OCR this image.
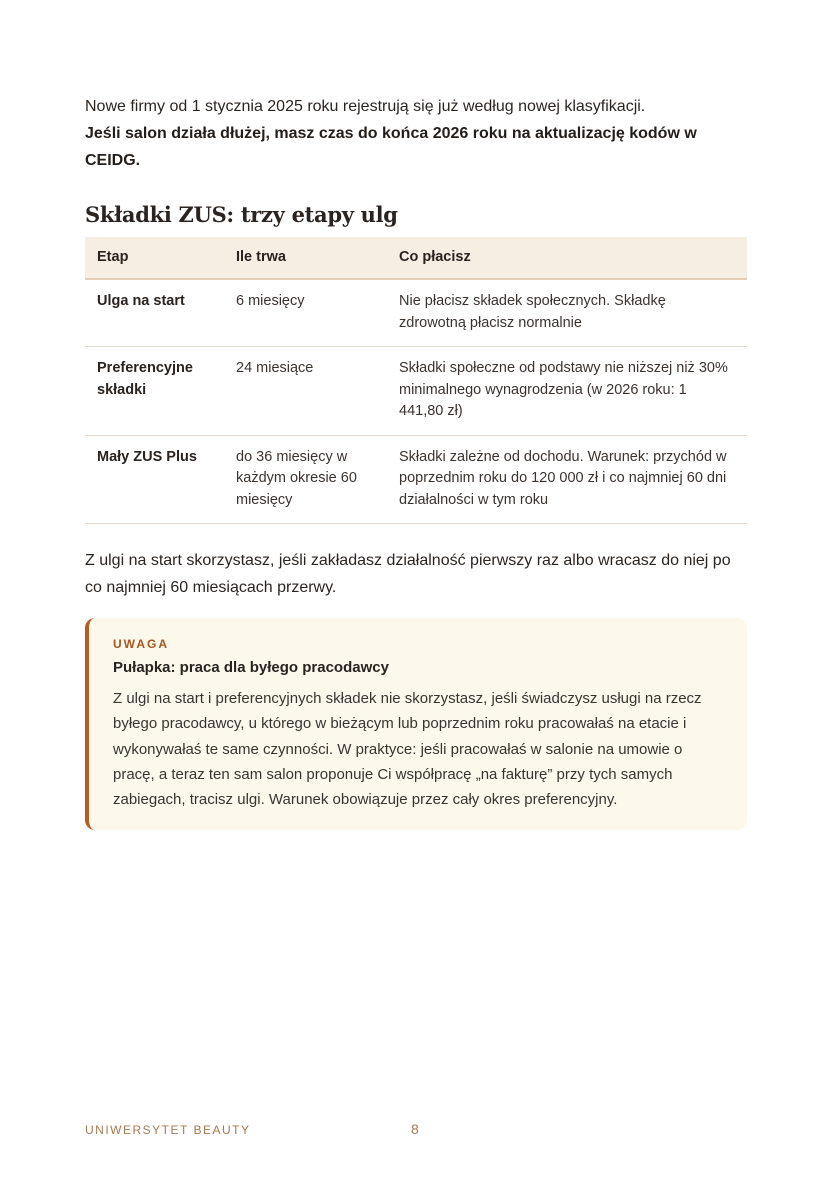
Nowe firmy od 1 stycznia 2025 roku rejestrują się już według nowej klasyfikacji.
Jeśli salon działa dłużej, masz czas do końca 2026 roku na aktualizację kodów w CEIDG.

Składki ZUS: trzy etapy ulg
Etap	Ile trwa	Co płacisz
Ulga na start	6 miesięcy	Nie płacisz składek społecznych. Składkę zdrowotną płacisz normalnie
Preferencyjne składki	24 miesiące	Składki społeczne od podstawy nie niższej niż 30% minimalnego wynagrodzenia (w 2026 roku: 1 441,80 zł)
Mały ZUS Plus	do 36 miesięcy w każdym okresie 60 miesięcy	Składki zależne od dochodu. Warunek: przychód w poprzednim roku do 120 000 zł i co najmniej 60 dni działalności w tym roku

Z ulgi na start skorzystasz, jeśli zakładasz działalność pierwszy raz albo wracasz do niej po co najmniej 60 miesiącach przerwy.

UWAGA
Pułapka: praca dla byłego pracodawcy
Z ulgi na start i preferencyjnych składek nie skorzystasz, jeśli świadczysz usługi na rzecz byłego pracodawcy, u którego w bieżącym lub poprzednim roku pracowałaś na etacie i wykonywałaś te same czynności. W praktyce: jeśli pracowałaś w salonie na umowie o pracę, a teraz ten sam salon proponuje Ci współpracę „na fakturę” przy tych samych zabiegach, tracisz ulgi. Warunek obowiązuje przez cały okres preferencyjny.
UNIWERSYTET BEAUTY	8
